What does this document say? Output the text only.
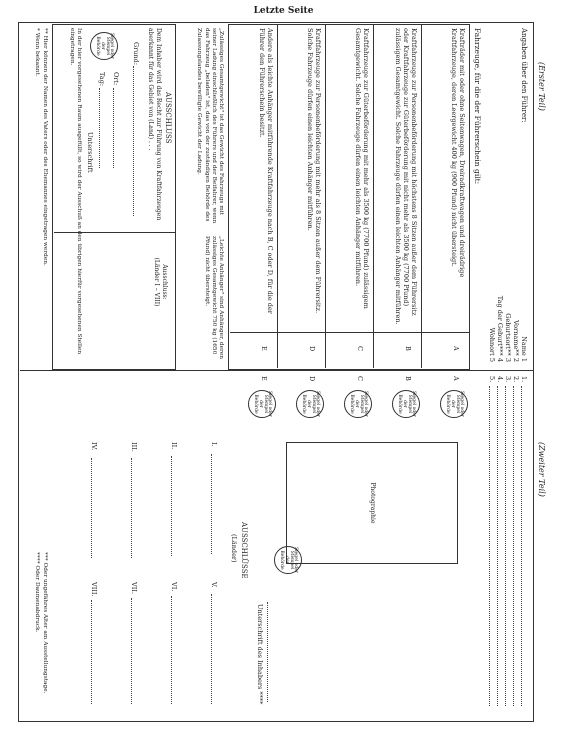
Letzte Seite
(Erster Teil)
(Zweiter Teil)
Angaben über den Führer:
Name 1
Vorname** 2
Geburtsort** 3
Tag der Geburt*** 4
Wohnort 5
Fahrzeuge, für die der Führerschein gilt:
Krafträder mit oder ohne Seitenwagen, Dreiradkraftwagen und dreirädrige Kraftfahrzeuge, deren Leergewicht 400 kg (900 Pfund) nicht übersteigt.
A
Kraftfahrzeuge zur Personenbeförderung mit höchstens 8 Sitzen außer dem Führersitz oder Kraftfahrzeuge zur Güterbeförderung mit nicht mehr als 3500 kg (7700 Pfund) zulässigem Gesamtgewicht. Solche Fahrzeuge dürfen einen leichten Anhänger mitführen.
B
Kraftfahrzeuge zur Güterbeförderung mit mehr als 3500 kg (7700 Pfund) zulässigem Gesamtgewicht. Solche Fahrzeuge dürfen einen leichten Anhänger mitführen.
C
Kraftfahrzeuge zur Personenbeförderung mit mehr als 8 Sitzen außer dem Führersitz. Solche Fahrzeuge dürfen einen leichten Anhänger mitführen.
D
Andere als leichte Anhänger mitführende Kraftfahrzeuge nach B, C oder D, für die der Führer den Führerschein besitzt.
E
„Zulässiges Gesamtgewicht" ist das Gewicht des Fahrzeugs mit seiner Ladung einschließlich des Führers und der Beifahrer, wenn das Fahrzeug „beladen" ist, das von der zuständigen Behörde des Zulassungslandes bewilligte Gewicht der Ladung.
„Leichte Anhänger" sind Anhänger, deren zulässiges Gesamtgewicht 750 kg (1650 Pfund) nicht übersteigt.
AUSSCHLUSS
Dem Inhaber wird das Recht zur Führung von Kraftfahrzeugen aberkannt für das Gebiet von (Land) . . .
Grund:
Siegel oder Stempel der Behörde
Ort:
Tag:
Unterschrift
Ausschluss: (Länder I – VIII)
In der hier vorgesehenen Raum ausgefüllt, so wird der Ausschuß an den übrigen hierfür vorgesehenen Stellen eingetragen.
** Hier können der Namen des Vaters oder des Ehemannes eingetragen werden.
* Wenn bekannt.
1.
2.
3.
4.
5.
A
Siegel oder Stempel der Behörde
B
Siegel oder Stempel der Behörde
C
Siegel oder Stempel der Behörde
D
Siegel oder Stempel der Behörde
E
Siegel oder Stempel der Behörde
Photographie
Siegel oder Stempel der Behörde
Unterschrift des Inhabers ****
AUSSCHLÜSSE
(Länder)
I.
II.
III.
IV.
V.
VI.
VII.
VIII.
*** Oder ungefähres Alter am Ausstellungstage.
**** Oder Daumenabdruck.
